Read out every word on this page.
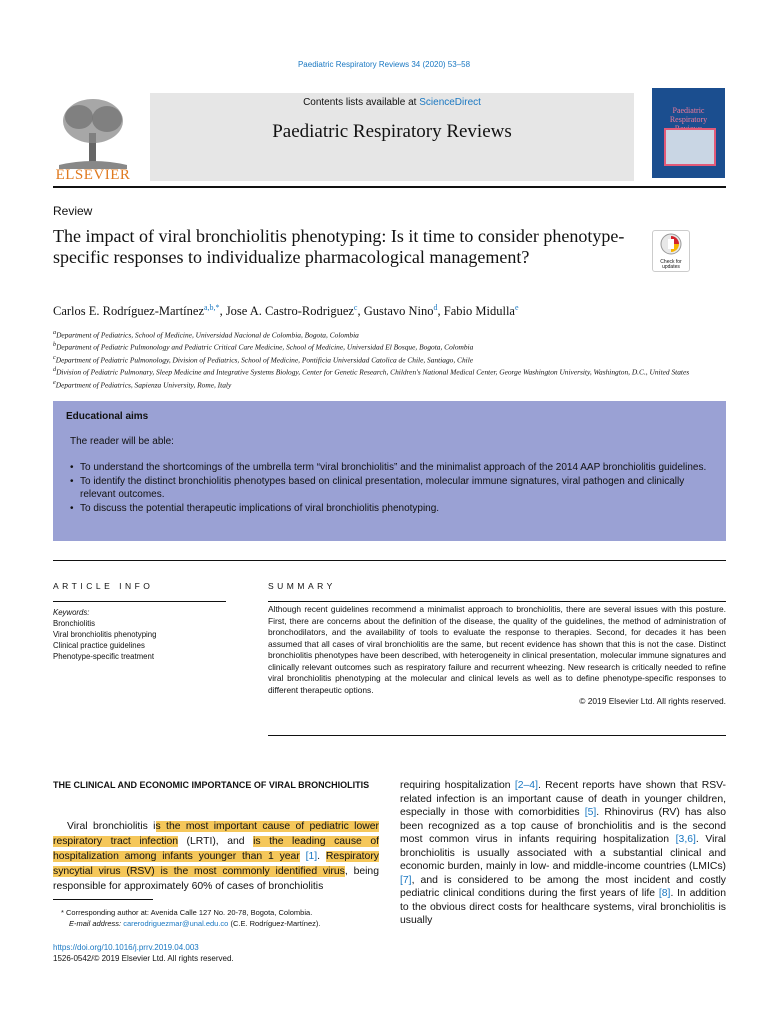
Paediatric Respiratory Reviews 34 (2020) 53–58
ELSEVIER
Contents lists available at ScienceDirect
Paediatric Respiratory Reviews
Paediatric Respiratory
Review
The impact of viral bronchiolitis phenotyping: Is it time to consider phenotype-specific responses to individualize pharmacological management?	Check for updates
Carlos E. Rodríguez-Martínez$^{a,b,*}$, Jose A. Castro-Rodriguez$^c$, Gustavo Nino$^d$, Fabio Midulla$^e$
$^a$Department of Pediatrics, School of Medicine, Universidad Nacional de Colombia, Bogota, Colombia
$^b$Department of Pediatric Pulmonology and Pediatric Critical Care Medicine, School of Medicine, Universidad El Bosque, Bogota, Colombia
$^c$Department of Pediatric Pulmonology, Division of Pediatrics, School of Medicine, Pontificia Universidad Catolica de Chile, Santiago, Chile
$^d$Division of Pediatric Pulmonary, Sleep Medicine and Integrative Systems Biology, Center for Genetic Research, Children's National Medical Center, George Washington University, Washington, D.C., United States
$^e$Department of Pediatrics, Sapienza University, Rome, Italy
Educational aims
The reader will be able:
• To understand the shortcomings of the umbrella term “viral bronchiolitis” and the minimalist approach of the 2014 AAP bronchiolitis guidelines.
• To identify the distinct bronchiolitis phenotypes based on clinical presentation, molecular immune signatures, viral pathogen and clinically relevant outcomes.
• To discuss the potential therapeutic implications of viral bronchiolitis phenotyping.
ARTICLE INFO	SUMMARY
Keywords:
Bronchiolitis
Viral bronchiolitis phenotyping
Clinical practice guidelines
Phenotype-specific treatment
Although recent guidelines recommend a minimalist approach to bronchiolitis, there are several issues with this posture. First, there are concerns about the definition of the disease, the quality of the guidelines, the method of administration of bronchodilators, and the availability of tools to evaluate the response to therapies. Second, for decades it has been assumed that all cases of viral bronchiolitis are the same, but recent evidence has shown that this is not the case. Distinct bronchiolitis phenotypes have been described, with heterogeneity in clinical presentation, molecular immune signatures and clinically relevant outcomes such as respiratory failure and recurrent wheezing. New research is critically needed to refine viral bronchiolitis phenotyping at the molecular and clinical levels as well as to define phenotype-specific responses to different therapeutic options.
© 2019 Elsevier Ltd. All rights reserved.
THE CLINICAL AND ECONOMIC IMPORTANCE OF VIRAL BRONCHIOLITIS
Viral bronchiolitis is the most important cause of pediatric lower respiratory tract infection (LRTI), and is the leading cause of hospitalization among infants younger than 1 year [1]. Respiratory syncytial virus (RSV) is the most commonly identified virus, being responsible for approximately 60% of cases of bronchiolitis
requiring hospitalization [2–4]. Recent reports have shown that RSV-related infection is an important cause of death in younger children, especially in those with comorbidities [5]. Rhinovirus (RV) has also been recognized as a top cause of bronchiolitis and is the second most common virus in infants requiring hospitalization [3,6]. Viral bronchiolitis is usually associated with a substantial clinical and economic burden, mainly in low- and middle-income countries (LMICs) [7], and is considered to be among the most incident and costly pediatric clinical conditions during the first years of life [8]. In addition to the obvious direct costs for healthcare systems, viral bronchiolitis is usually
* Corresponding author at: Avenida Calle 127 No. 20-78, Bogota, Colombia.
E-mail address: carerodriguezmar@unal.edu.co (C.E. Rodríguez-Martínez).
https://doi.org/10.1016/j.prrv.2019.04.003
1526-0542/© 2019 Elsevier Ltd. All rights reserved.
